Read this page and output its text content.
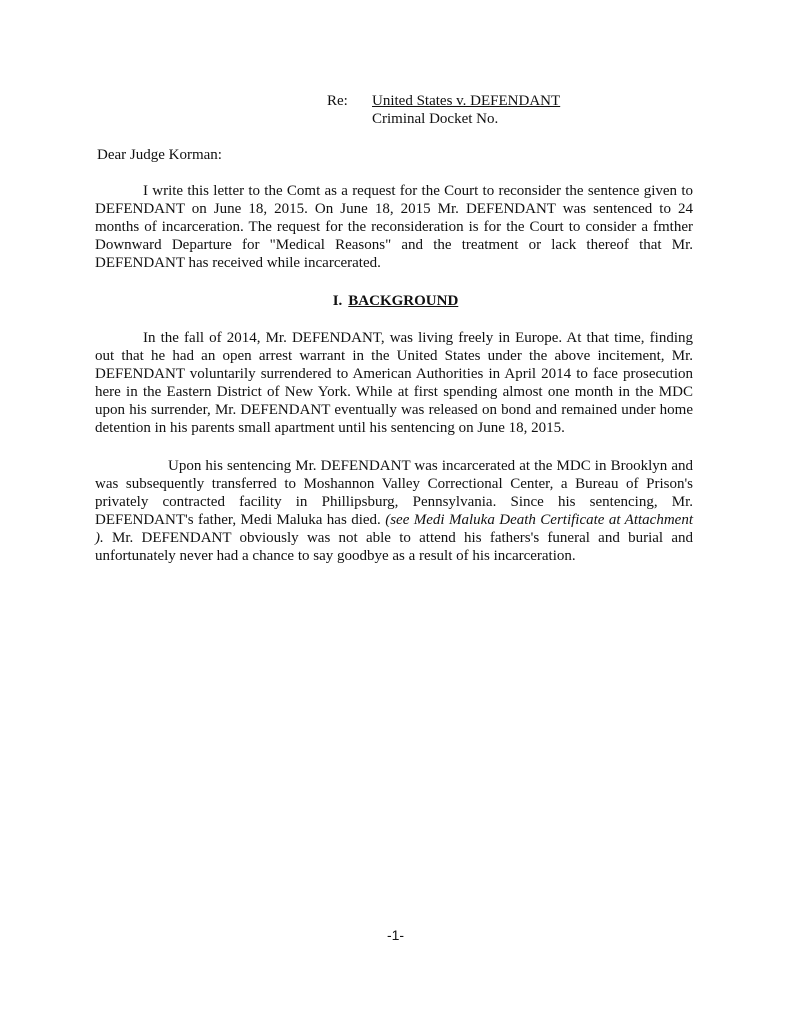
Re: United States v. DEFENDANT
Criminal Docket No.
Dear Judge Korman:

I write this letter to the Comt as a request for the Court to reconsider the sentence given to DEFENDANT on June 18, 2015. On June 18, 2015 Mr. DEFENDANT was sentenced to 24 months of incarceration. The request for the reconsideration is for the Court to consider a fmther Downward Departure for "Medical Reasons" and the treatment or lack thereof that Mr. DEFENDANT has received while incarcerated.

I. BACKGROUND

In the fall of 2014, Mr. DEFENDANT, was living freely in Europe. At that time, finding out that he had an open arrest warrant in the United States under the above incitement, Mr. DEFENDANT voluntarily surrendered to American Authorities in April 2014 to face prosecution here in the Eastern District of New York. While at first spending almost one month in the MDC upon his surrender, Mr. DEFENDANT eventually was released on bond and remained under home detention in his parents small apartment until his sentencing on June 18, 2015.

Upon his sentencing Mr. DEFENDANT was incarcerated at the MDC in Brooklyn and was subsequently transferred to Moshannon Valley Correctional Center, a Bureau of Prison's privately contracted facility in Phillipsburg, Pennsylvania. Since his sentencing, Mr. DEFENDANT's father, Medi Maluka has died. (see Medi Maluka Death Certificate at Attachment ). Mr. DEFENDANT obviously was not able to attend his fathers's funeral and burial and unfortunately never had a chance to say goodbye as a result of his incarceration.

-1-
